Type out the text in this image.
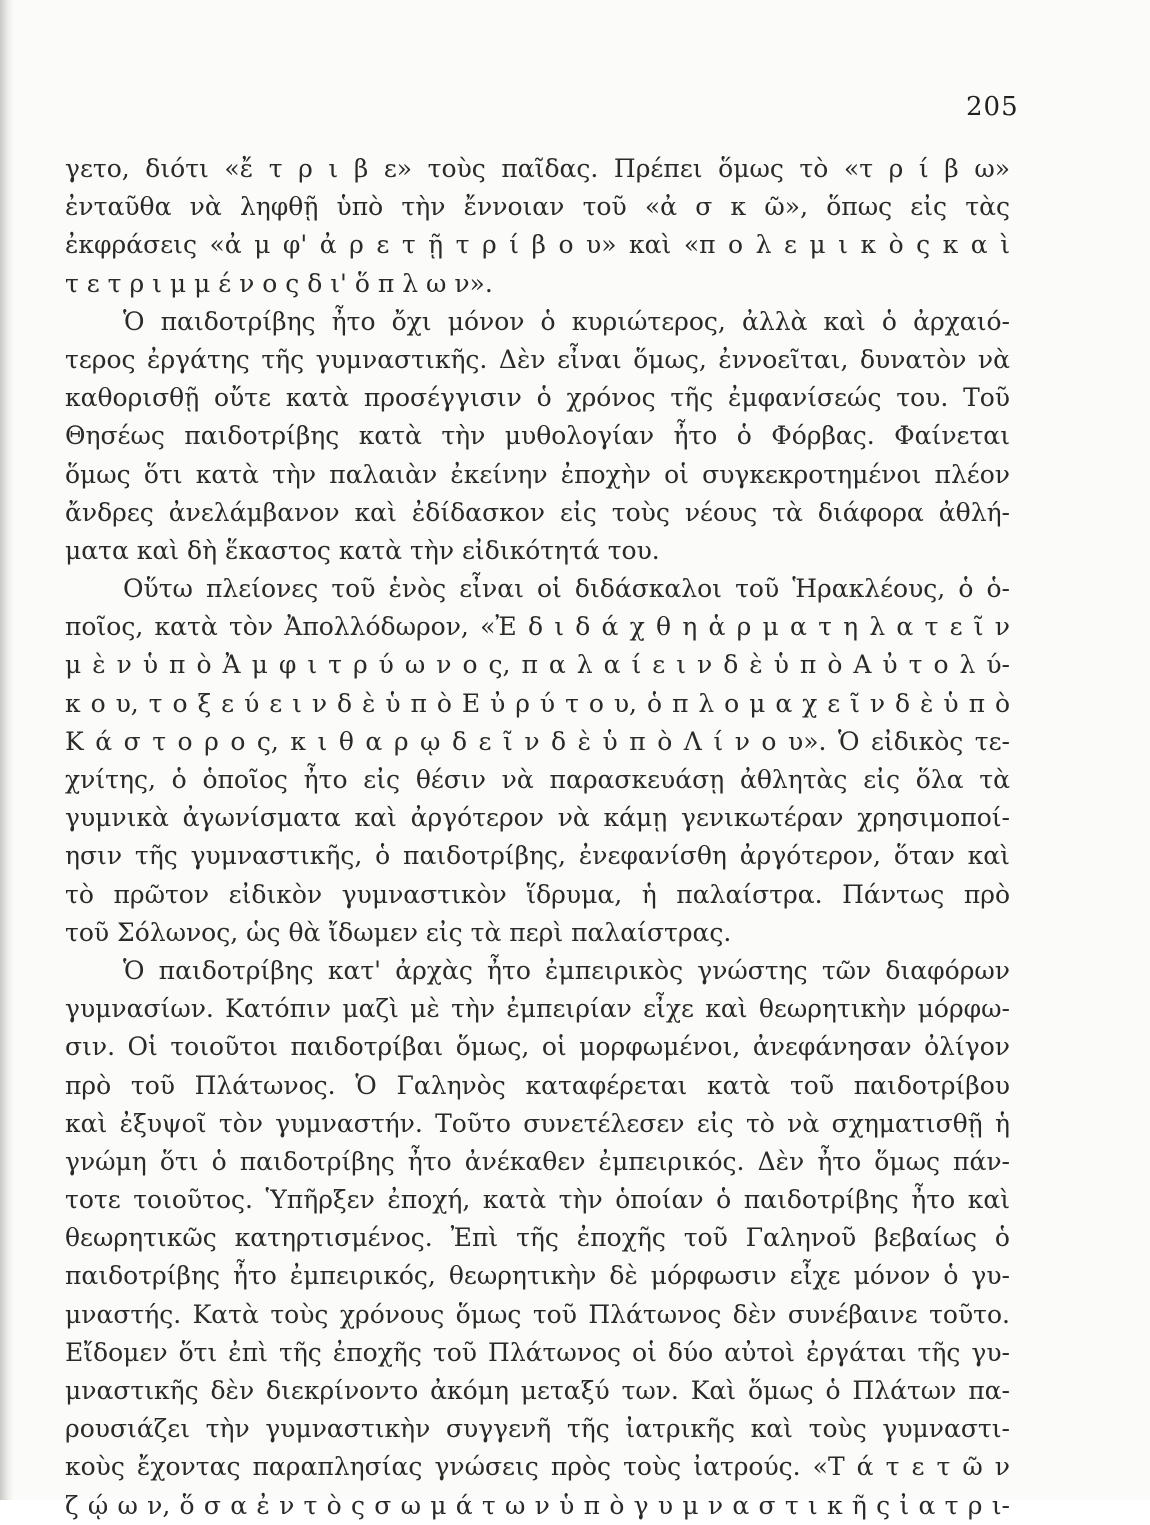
205
γετο, διότι «ἔ τ ρ ι β ε» τοὺς παῖδας. Πρέπει ὅμως τὸ «τ ρ ί β ω»
ἐνταῦθα νὰ ληφθῇ ὑπὸ τὴν ἔννοιαν τοῦ «ἀ σ κ ῶ», ὅπως εἰς τὰς
ἐκφράσεις «ἀ μ φ' ἀ ρ ε τ ῇ τ ρ ί β ο υ» καὶ «π ο λ ε μ ι κ ὸ ς κ α ὶ
τ ε τ ρ ι μ μ έ ν ο ς δ ι' ὅ π λ ω ν».
Ὁ παιδοτρίβης ἦτο ὄχι μόνον ὁ κυριώτερος, ἀλλὰ καὶ ὁ ἀρχαιό-
τερος ἐργάτης τῆς γυμναστικῆς. Δὲν εἶναι ὅμως, ἐννοεῖται, δυνατὸν νὰ
καθορισθῇ οὔτε κατὰ προσέγγισιν ὁ χρόνος τῆς ἐμφανίσεώς του. Τοῦ
Θησέως παιδοτρίβης κατὰ τὴν μυθολογίαν ἦτο ὁ Φόρβας. Φαίνεται
ὅμως ὅτι κατὰ τὴν παλαιὰν ἐκείνην ἐποχὴν οἱ συγκεκροτημένοι πλέον
ἄνδρες ἀνελάμβανον καὶ ἐδίδασκον εἰς τοὺς νέους τὰ διάφορα ἀθλή-
ματα καὶ δὴ ἕκαστος κατὰ τὴν εἰδικότητά του.
Οὕτω πλείονες τοῦ ἑνὸς εἶναι οἱ διδάσκαλοι τοῦ Ἡρακλέους, ὁ ὁ-
ποῖος, κατὰ τὸν Ἀπολλόδωρον, «Ἐ δ ι δ ά χ θ η ἁ ρ μ α τ η λ α τ ε ῖ ν
μ ὲ ν ὑ π ὸ Ἀ μ φ ι τ ρ ύ ω ν ο ς, π α λ α ί ε ι ν δ ὲ ὑ π ὸ Α ὐ τ ο λ ύ-
κ ο υ, τ ο ξ ε ύ ε ι ν δ ὲ ὑ π ὸ Ε ὐ ρ ύ τ ο υ, ὁ π λ ο μ α χ ε ῖ ν δ ὲ ὑ π ὸ
Κ ά σ τ ο ρ ο ς, κ ι θ α ρ ῳ δ ε ῖ ν δ ὲ ὑ π ὸ Λ ί ν ο υ». Ὁ εἰδικὸς τε-
χνίτης, ὁ ὁποῖος ἦτο εἰς θέσιν νὰ παρασκευάσῃ ἀθλητὰς εἰς ὅλα τὰ
γυμνικὰ ἀγωνίσματα καὶ ἀργότερον νὰ κάμῃ γενικωτέραν χρησιμοποί-
ησιν τῆς γυμναστικῆς, ὁ παιδοτρίβης, ἐνεφανίσθη ἀργότερον, ὅταν καὶ
τὸ πρῶτον εἰδικὸν γυμναστικὸν ἵδρυμα, ἡ παλαίστρα. Πάντως πρὸ
τοῦ Σόλωνος, ὡς θὰ ἴδωμεν εἰς τὰ περὶ παλαίστρας.
Ὁ παιδοτρίβης κατ' ἀρχὰς ἦτο ἐμπειρικὸς γνώστης τῶν διαφόρων
γυμνασίων. Κατόπιν μαζὶ μὲ τὴν ἐμπειρίαν εἶχε καὶ θεωρητικὴν μόρφω-
σιν. Οἱ τοιοῦτοι παιδοτρίβαι ὅμως, οἱ μορφωμένοι, ἀνεφάνησαν ὀλίγον
πρὸ τοῦ Πλάτωνος. Ὁ Γαληνὸς καταφέρεται κατὰ τοῦ παιδοτρίβου
καὶ ἐξυψοῖ τὸν γυμναστήν. Τοῦτο συνετέλεσεν εἰς τὸ νὰ σχηματισθῇ ἡ
γνώμη ὅτι ὁ παιδοτρίβης ἦτο ἀνέκαθεν ἐμπειρικός. Δὲν ἦτο ὅμως πάν-
τοτε τοιοῦτος. Ὑπῆρξεν ἐποχή, κατὰ τὴν ὁποίαν ὁ παιδοτρίβης ἦτο καὶ
θεωρητικῶς κατηρτισμένος. Ἐπὶ τῆς ἐποχῆς τοῦ Γαληνοῦ βεβαίως ὁ
παιδοτρίβης ἦτο ἐμπειρικός, θεωρητικὴν δὲ μόρφωσιν εἶχε μόνον ὁ γυ-
μναστής. Κατὰ τοὺς χρόνους ὅμως τοῦ Πλάτωνος δὲν συνέβαινε τοῦτο.
Εἴδομεν ὅτι ἐπὶ τῆς ἐποχῆς τοῦ Πλάτωνος οἱ δύο αὐτοὶ ἐργάται τῆς γυ-
μναστικῆς δὲν διεκρίνοντο ἀκόμη μεταξύ των. Καὶ ὅμως ὁ Πλάτων πα-
ρουσιάζει τὴν γυμναστικὴν συγγενῆ τῆς ἰατρικῆς καὶ τοὺς γυμναστι-
κοὺς ἔχοντας παραπλησίας γνώσεις πρὸς τοὺς ἰατρούς. «Τ ά τ ε τ ῶ ν
ζ ῴ ω ν, ὅ σ α ἐ ν τ ὸ ς σ ω μ ά τ ω ν ὑ π ὸ γ υ μ ν α σ τ ι κ ῆ ς ἰ α τ ρ ι-
